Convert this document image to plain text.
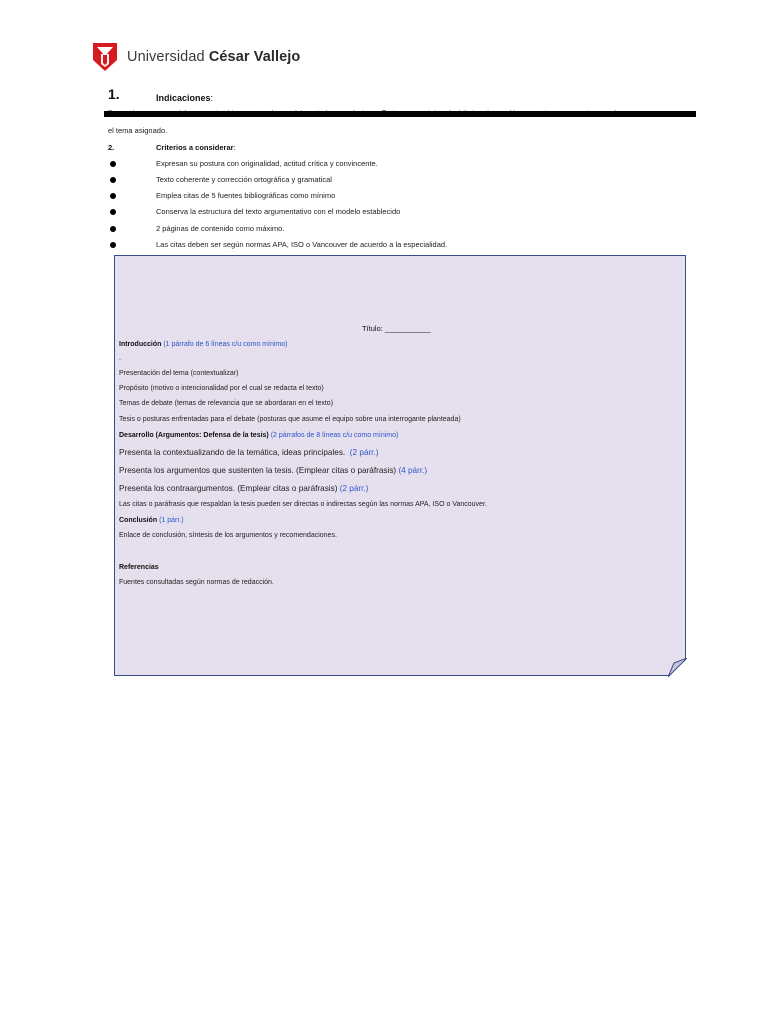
Universidad César Vallejo
1.	Indicaciones:
el tema asignado.
2.	Criterios a considerar:
Expresan su postura con originalidad, actitud crítica y convincente.
Texto coherente y corrección ortográfica y gramatical
Emplea citas de 5 fuentes bibliográficas como mínimo
Conserva la estructura del texto argumentativo con el modelo establecido
2 páginas de contenido como máximo.
Las citas deben ser según normas APA, ISO o Vancouver de acuerdo a la especialidad.
Título: ___________
Introducción (1 párrafo de 6 líneas c/u como mínimo)
.
Presentación del tema (contextualizar)
Propósito (motivo o intencionalidad por el cual se redacta el texto)
Temas de debate (temas de relevancia que se abordaran en el texto)
Tesis o posturas enfrentadas para el debate (posturas que asume el equipo sobre una interrogante planteada)
Desarrollo (Argumentos: Defensa de la tesis) (2 párrafos de 8 líneas c/u como mínimo)
Presenta la contextualizando de la temática, ideas principales. (2 párr.)
Presenta los argumentos que sustenten la tesis. (Emplear citas o paráfrasis) (4 párr.)
Presenta los contraargumentos. (Emplear citas o paráfrasis) (2 párr.)
Las citas o paráfrasis que respaldan la tesis pueden ser directas o indirectas según las normas APA, ISO o Vancouver.
Conclusión (1 párr.)
Enlace de conclusión, síntesis de los argumentos y recomendaciones.
Referencias
Fuentes consultadas según normas de redacción.
